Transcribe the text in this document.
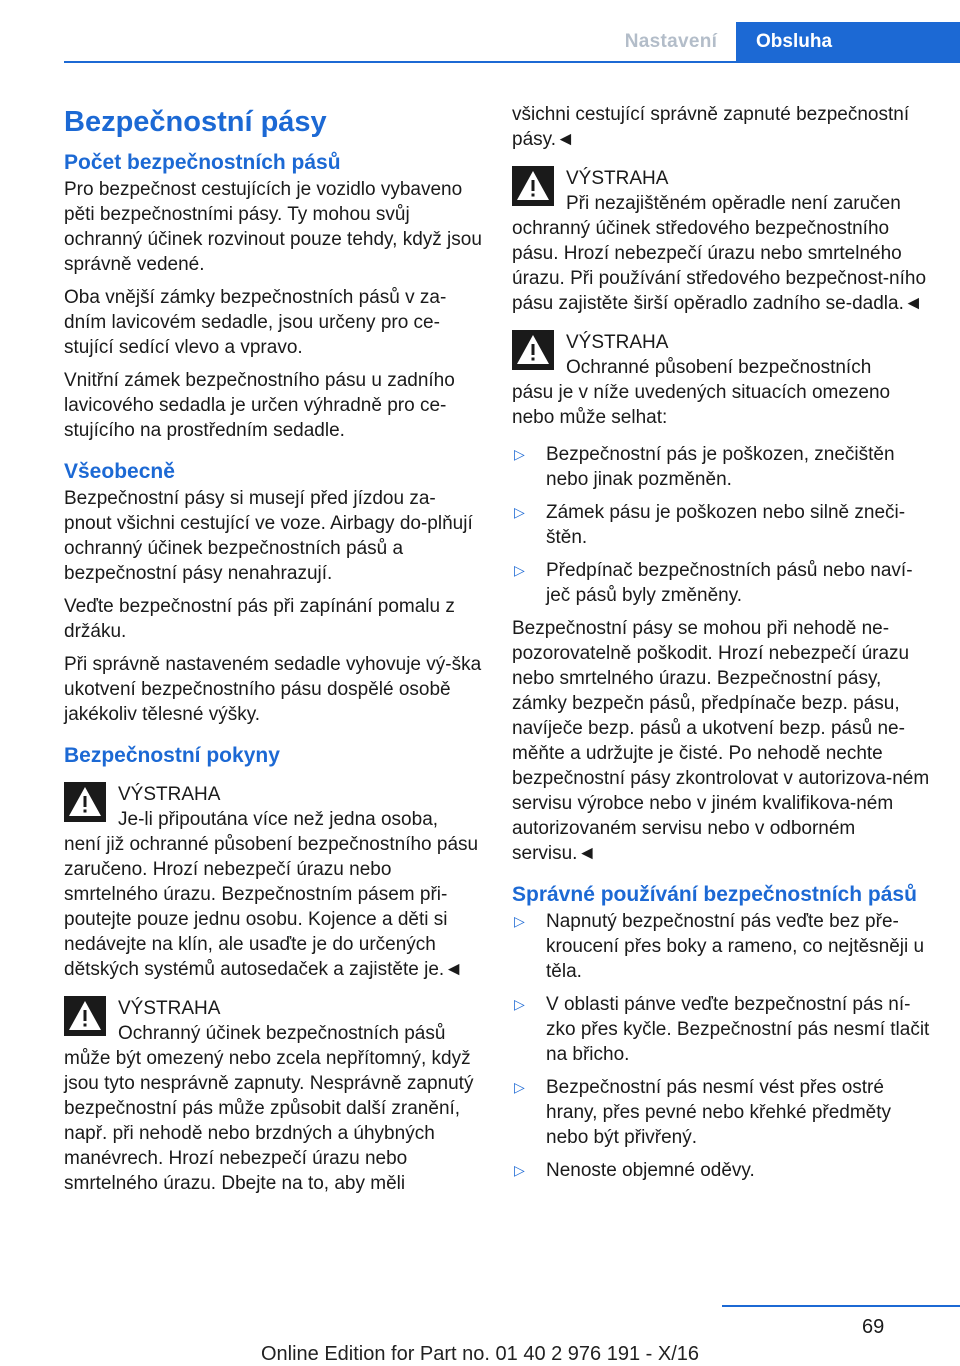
Nastavení	Obsluha
Bezpečnostní pásy
Počet bezpečnostních pásů

Pro bezpečnost cestujících je vozidlo vybaveno pěti bezpečnostními pásy. Ty mohou svůj ochranný účinek rozvinout pouze tehdy, když jsou správně vedené.

Oba vnější zámky bezpečnostních pásů v za‐dním lavicovém sedadle, jsou určeny pro ce‐stující sedící vlevo a vpravo.

Vnitřní zámek bezpečnostního pásu u zadního lavicového sedadla je určen výhradně pro ce‐stujícího na prostředním sedadle.

Všeobecně

Bezpečnostní pásy si musejí před jízdou za‐pnout všichni cestující ve voze. Airbagy do‐plňují ochranný účinek bezpečnostních pásů a bezpečnostní pásy nenahrazují.

Veďte bezpečnostní pás při zapínání pomalu z držáku.

Při správně nastaveném sedadle vyhovuje vý‐ška ukotvení bezpečnostního pásu dospělé osobě jakékoliv tělesné výšky.

Bezpečnostní pokyny
VÝSTRAHA
Je-li připoutána více než jedna osoba,
není již ochranné působení bezpečnostního pásu zaručeno. Hrozí nebezpečí úrazu nebo smrtelného úrazu. Bezpečnostním pásem při‐poutejte pouze jednu osobu. Kojence a děti si nedávejte na klín, ale usaďte je do určených dětských systémů autosedaček a zajistěte je.◄
VÝSTRAHA
Ochranný účinek bezpečnostních pásů
může být omezený nebo zcela nepřítomný, když jsou tyto nesprávně zapnuty. Nesprávně zapnutý bezpečnostní pás může způsobit další zranění, např. při nehodě nebo brzdných a úhybných manévrech. Hrozí nebezpečí úrazu nebo smrtelného úrazu. Dbejte na to, aby měli

všichni cestující správně zapnuté bezpečnostní pásy.◄

VÝSTRAHA
Při nezajištěném opěradle není zaručen
ochranný účinek středového bezpečnostního pásu. Hrozí nebezpečí úrazu nebo smrtelného úrazu. Při používání středového bezpečnost‐ního pásu zajistěte širší opěradlo zadního se‐dadla.◄
VÝSTRAHA
Ochranné působení bezpečnostních
pásu je v níže uvedených situacích omezeno nebo může selhat:
▷ Bezpečnostní pás je poškozen, znečištěn nebo jinak pozměněn.
▷ Zámek pásu je poškozen nebo silně zneči‐štěn.
▷ Předpínač bezpečnostních pásů nebo naví‐ječ pásů byly změněny.

Bezpečnostní pásy se mohou při nehodě ne‐pozorovatelně poškodit. Hrozí nebezpečí úrazu nebo smrtelného úrazu. Bezpečnostní pásy, zámky bezpečn pásů, předpínače bezp. pásu, navíječe bezp. pásů a ukotvení bezp. pásů ne‐měňte a udržujte je čisté. Po nehodě nechte bezpečnostní pásy zkontrolovat v autorizova‐ném servisu výrobce nebo v jiném kvalifikova‐ném autorizovaném servisu nebo v odborném servisu.◄

Správné používání bezpečnostních pásů
▷ Napnutý bezpečnostní pás veďte bez pře‐kroucení přes boky a rameno, co nejtěsněji u těla.
▷ V oblasti pánve veďte bezpečnostní pás ní‐zko přes kyčle. Bezpečnostní pás nesmí tlačit na břicho.
▷ Bezpečnostní pás nesmí vést přes ostré hrany, přes pevné nebo křehké předměty nebo být přivřený.
▷ Nenoste objemné oděvy.
69
Online Edition for Part no. 01 40 2 976 191 - X/16
